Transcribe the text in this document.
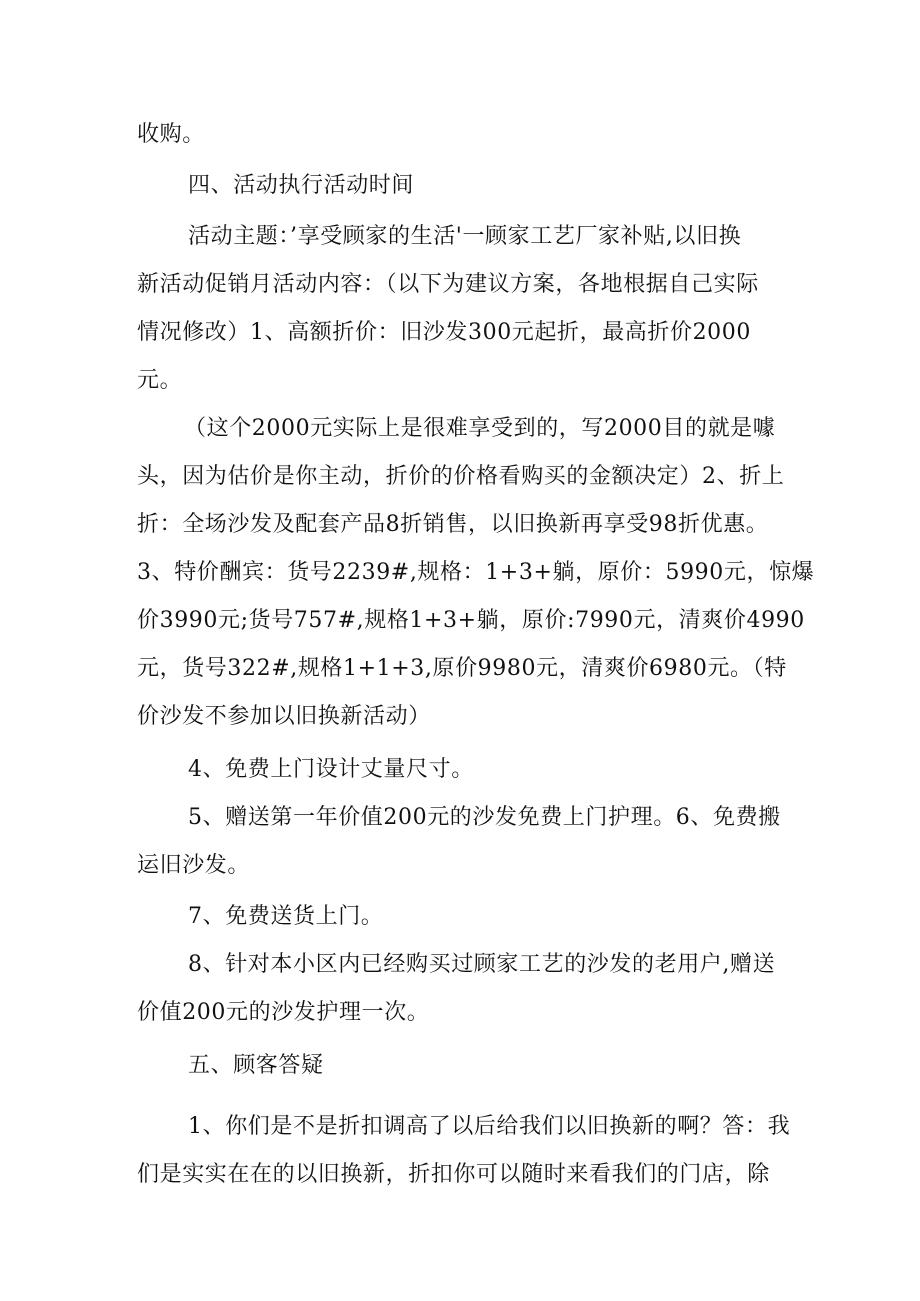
收购。
四、活动执行活动时间
活动主题：’享受顾家的生活'一顾家工艺厂家补贴,以旧换
新活动促销月活动内容：（以下为建议方案，各地根据自己实际
情况修改）1、高额折价：旧沙发300元起折，最高折价2000
元。
（这个2000元实际上是很难享受到的，写2000目的就是噱
头，因为估价是你主动，折价的价格看购买的金额决定）2、折上
折：全场沙发及配套产品8折销售，以旧换新再享受98折优惠。
3、特价酬宾：货号2239#,规格：1+3+躺，原价：5990元，惊爆
价3990元;货号757#,规格1+3+躺，原价:7990元，清爽价4990
元，货号322#,规格1+1+3,原价9980元，清爽价6980元。（特
价沙发不参加以旧换新活动）
4、免费上门设计丈量尺寸。
5、赠送第一年价值200元的沙发免费上门护理。6、免费搬
运旧沙发。
7、免费送货上门。
8、针对本小区内已经购买过顾家工艺的沙发的老用户,赠送
价值200元的沙发护理一次。
五、顾客答疑
1、你们是不是折扣调高了以后给我们以旧换新的啊？答：我
们是实实在在的以旧换新，折扣你可以随时来看我们的门店，除
